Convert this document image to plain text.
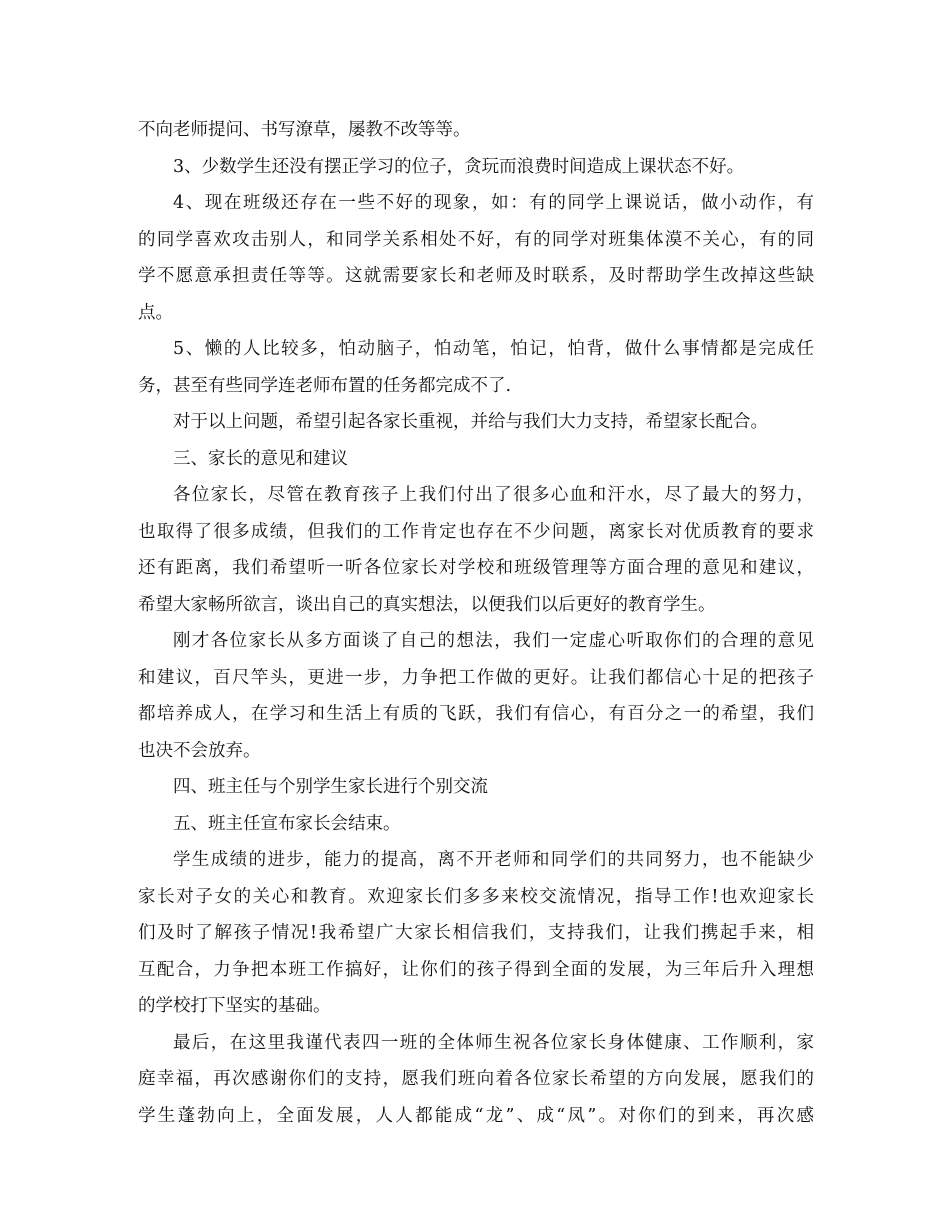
不向老师提问、书写潦草，屡教不改等等。
3、少数学生还没有摆正学习的位子，贪玩而浪费时间造成上课状态不好。
4、现在班级还存在一些不好的现象，如：有的同学上课说话，做小动作，有
的同学喜欢攻击别人，和同学关系相处不好，有的同学对班集体漠不关心，有的同
学不愿意承担责任等等。这就需要家长和老师及时联系，及时帮助学生改掉这些缺
点。
5、懒的人比较多，怕动脑子，怕动笔，怕记，怕背，做什么事情都是完成任
务，甚至有些同学连老师布置的任务都完成不了.
对于以上问题，希望引起各家长重视，并给与我们大力支持，希望家长配合。
三、家长的意见和建议
各位家长，尽管在教育孩子上我们付出了很多心血和汗水，尽了最大的努力，
也取得了很多成绩，但我们的工作肯定也存在不少问题，离家长对优质教育的要求
还有距离，我们希望听一听各位家长对学校和班级管理等方面合理的意见和建议，
希望大家畅所欲言，谈出自己的真实想法，以便我们以后更好的教育学生。
刚才各位家长从多方面谈了自己的想法，我们一定虚心听取你们的合理的意见
和建议，百尺竿头，更进一步，力争把工作做的更好。让我们都信心十足的把孩子
都培养成人，在学习和生活上有质的飞跃，我们有信心，有百分之一的希望，我们
也决不会放弃。
四、班主任与个别学生家长进行个别交流
五、班主任宣布家长会结束。
学生成绩的进步，能力的提高，离不开老师和同学们的共同努力，也不能缺少
家长对子女的关心和教育。欢迎家长们多多来校交流情况，指导工作!也欢迎家长
们及时了解孩子情况!我希望广大家长相信我们，支持我们，让我们携起手来，相
互配合，力争把本班工作搞好，让你们的孩子得到全面的发展，为三年后升入理想
的学校打下坚实的基础。
最后，在这里我谨代表四一班的全体师生祝各位家长身体健康、工作顺利，家
庭幸福，再次感谢你们的支持，愿我们班向着各位家长希望的方向发展，愿我们的
学生蓬勃向上，全面发展，人人都能成“龙”、成“凤”。对你们的到来，再次感
